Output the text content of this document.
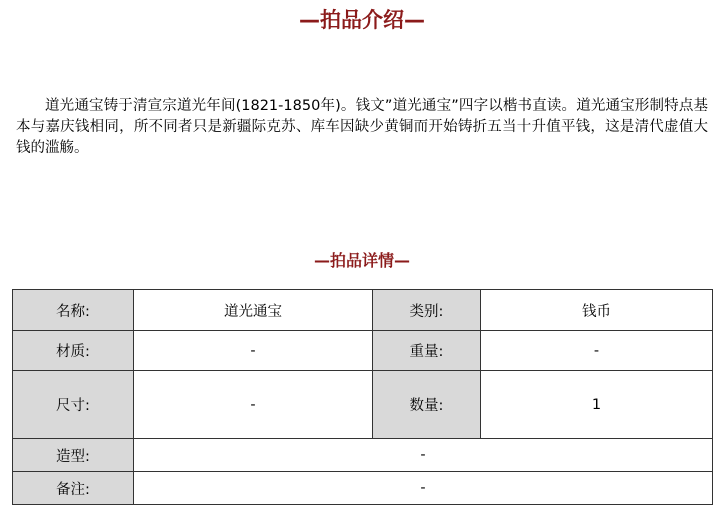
—拍品介绍—

道光通宝铸于清宣宗道光年间(1821-1850年)。钱文”道光通宝”四字以楷书直读。道光通宝形制特点基本与嘉庆钱相同，所不同者只是新疆际克苏、库车因缺少黄铜而开始铸折五当十升值平钱，这是清代虚值大钱的滥觞。

—拍品详情—
名称:	道光通宝	类别:	钱币
材质:	-	重量:	-
尺寸:	-	数量:	1
造型:	-		
备注:	-		
